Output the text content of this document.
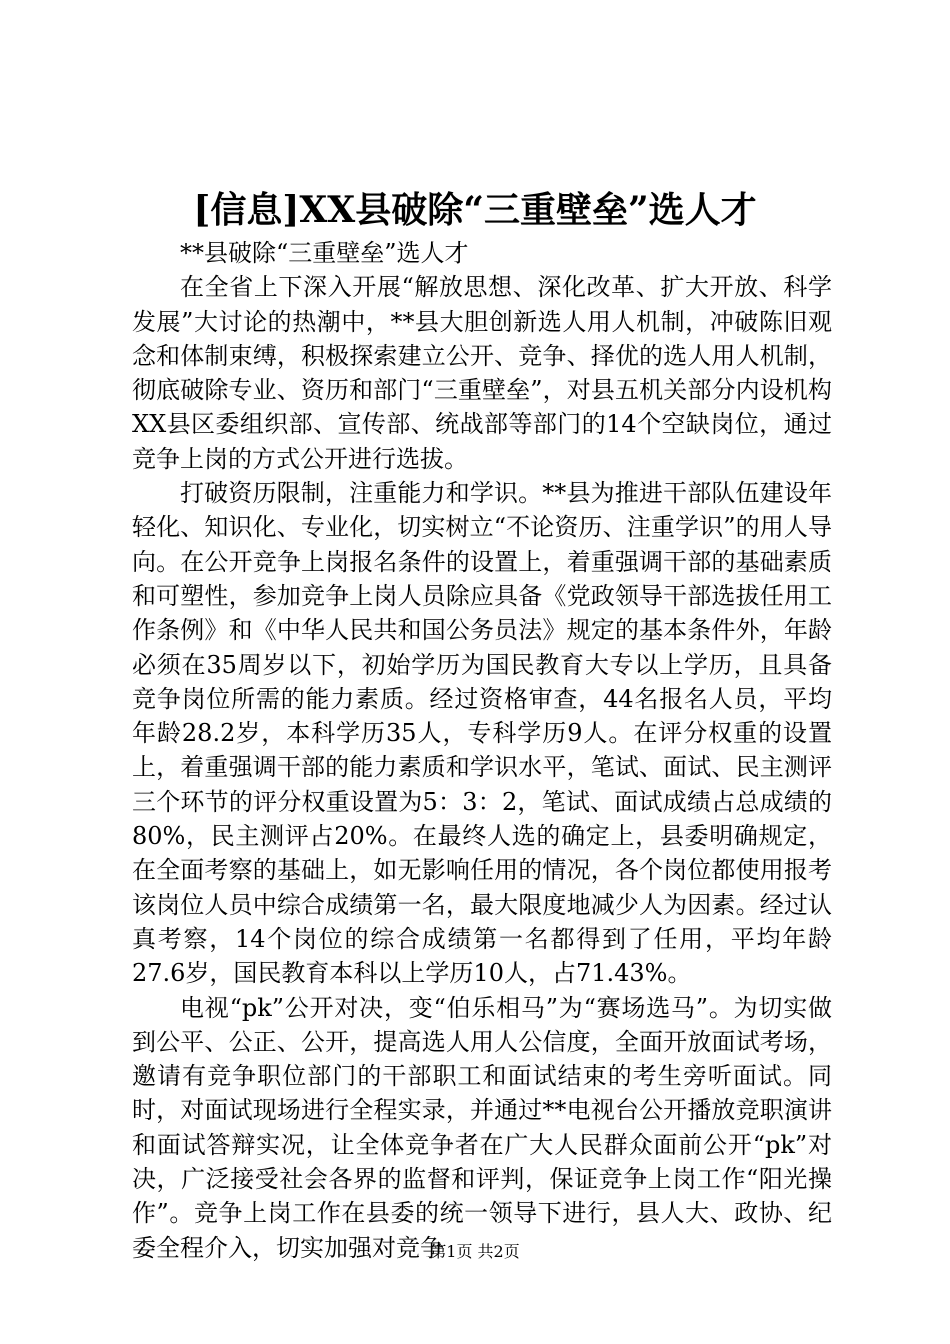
[信息]XX县破除“三重壁垒”选人才

**县破除“三重壁垒”选人才

在全省上下深入开展“解放思想、深化改革、扩大开放、科学发展”大讨论的热潮中，**县大胆创新选人用人机制，冲破陈旧观念和体制束缚，积极探索建立公开、竞争、择优的选人用人机制，彻底破除专业、资历和部门“三重壁垒”，对县五机关部分内设机构XX县区委组织部、宣传部、统战部等部门的14个空缺岗位，通过竞争上岗的方式公开进行选拔。

打破资历限制，注重能力和学识。**县为推进干部队伍建设年轻化、知识化、专业化，切实树立“不论资历、注重学识”的用人导向。在公开竞争上岗报名条件的设置上，着重强调干部的基础素质和可塑性，参加竞争上岗人员除应具备《党政领导干部选拔任用工作条例》和《中华人民共和国公务员法》规定的基本条件外，年龄必须在35周岁以下，初始学历为国民教育大专以上学历，且具备竞争岗位所需的能力素质。经过资格审查，44名报名人员，平均年龄28.2岁，本科学历35人，专科学历9人。在评分权重的设置上，着重强调干部的能力素质和学识水平，笔试、面试、民主测评三个环节的评分权重设置为5：3：2，笔试、面试成绩占总成绩的80%，民主测评占20%。在最终人选的确定上，县委明确规定，在全面考察的基础上，如无影响任用的情况，各个岗位都使用报考该岗位人员中综合成绩第一名，最大限度地减少人为因素。经过认真考察，14个岗位的综合成绩第一名都得到了任用，平均年龄27.6岁，国民教育本科以上学历10人，占71.43%。

电视“pk”公开对决，变“伯乐相马”为“赛场选马”。为切实做到公平、公正、公开，提高选人用人公信度，全面开放面试考场，邀请有竞争职位部门的干部职工和面试结束的考生旁听面试。同时，对面试现场进行全程实录，并通过**电视台公开播放竞职演讲和面试答辩实况，让全体竞争者在广大人民群众面前公开“pk”对决，广泛接受社会各界的监督和评判，保证竞争上岗工作“阳光操作”。竞争上岗工作在县委的统一领导下进行，县人大、政协、纪委全程介入，切实加强对竞争

第1页 共2页
